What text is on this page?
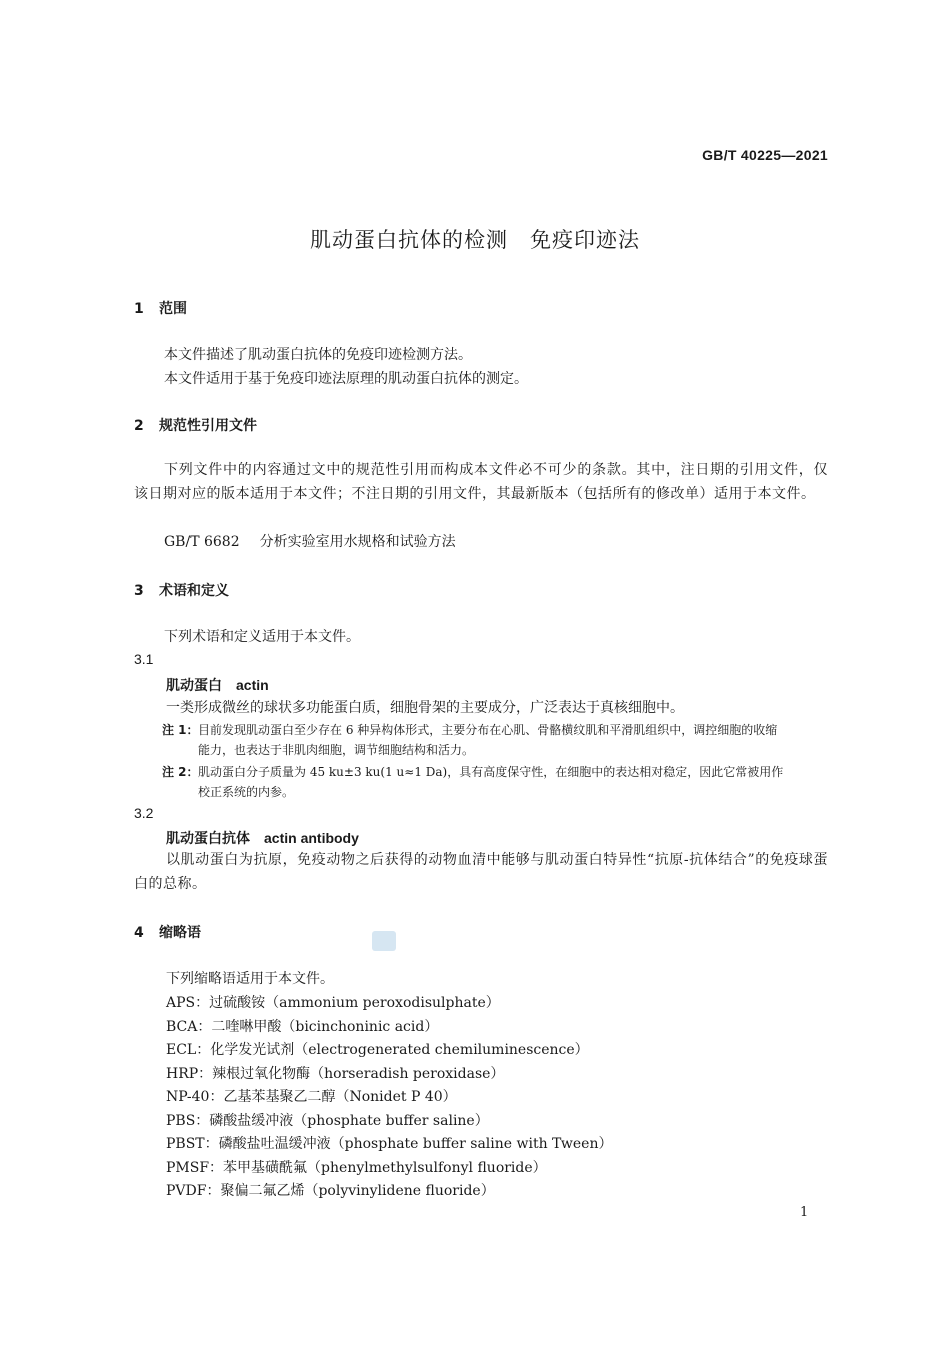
GB/T 40225—2021
肌动蛋白抗体的检测　免疫印迹法
1 范围
本文件描述了肌动蛋白抗体的免疫印迹检测方法。
本文件适用于基于免疫印迹法原理的肌动蛋白抗体的测定。
2 规范性引用文件
下列文件中的内容通过文中的规范性引用而构成本文件必不可少的条款。其中，注日期的引用文件，仅该日期对应的版本适用于本文件；不注日期的引用文件，其最新版本（包括所有的修改单）适用于本文件。
GB/T 6682 分析实验室用水规格和试验方法
3 术语和定义
下列术语和定义适用于本文件。
3.1
肌动蛋白 actin
一类形成微丝的球状多功能蛋白质，细胞骨架的主要成分，广泛表达于真核细胞中。
注 1： 目前发现肌动蛋白至少存在 6 种异构体形式，主要分布在心肌、骨骼横纹肌和平滑肌组织中，调控细胞的收缩
能力，也表达于非肌肉细胞，调节细胞结构和活力。
注 2： 肌动蛋白分子质量为 45 ku±3 ku(1 u≈1 Da)，具有高度保守性，在细胞中的表达相对稳定，因此它常被用作
校正系统的内参。
3.2
肌动蛋白抗体 actin antibody
以肌动蛋白为抗原，免疫动物之后获得的动物血清中能够与肌动蛋白特异性“抗原-抗体结合”的免疫球蛋白的总称。
4 缩略语
下列缩略语适用于本文件。
APS：过硫酸铵（ammonium peroxodisulphate）
BCA：二喹啉甲酸（bicinchoninic acid）
ECL：化学发光试剂（electrogenerated chemiluminescence）
HRP：辣根过氧化物酶（horseradish peroxidase）
NP-40：乙基苯基聚乙二醇（Nonidet P 40）
PBS：磷酸盐缓冲液（phosphate buffer saline）
PBST：磷酸盐吐温缓冲液（phosphate buffer saline with Tween）
PMSF：苯甲基磺酰氟（phenylmethylsulfonyl fluoride）
PVDF：聚偏二氟乙烯（polyvinylidene fluoride）
1
